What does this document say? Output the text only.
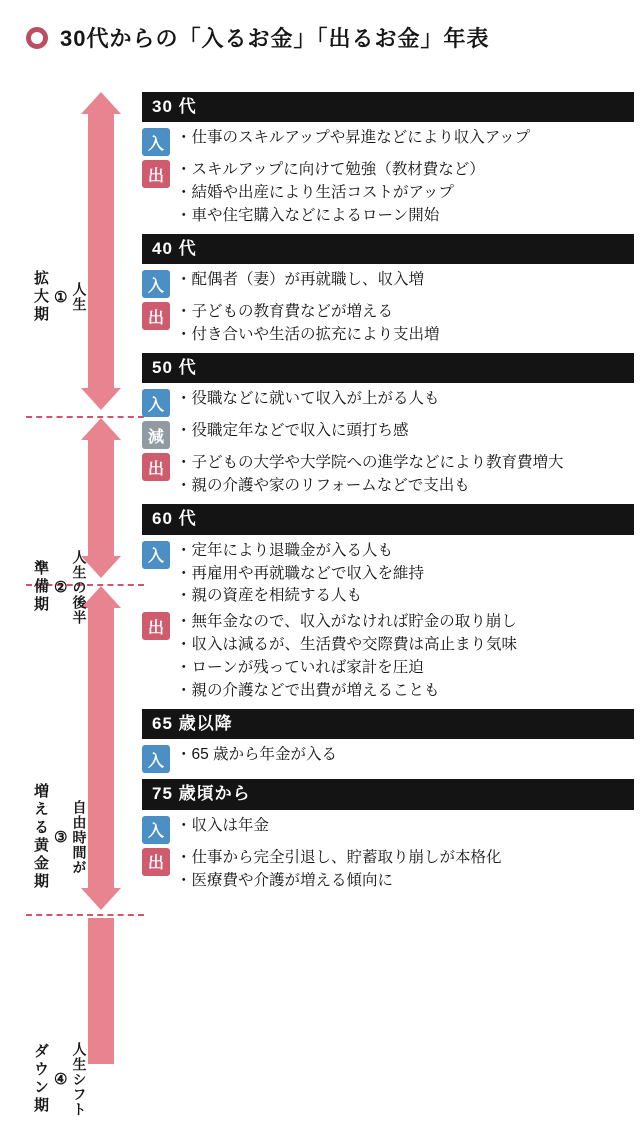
30代からの「入るお金」「出るお金」年表
拡大期 ① 人生
準備期 ② 人生の後半
増える黄金期 ③ 自由時間が
ダウン期 ④ 人生シフト
30 代
入 ・仕事のスキルアップや昇進などにより収入アップ
出 ・スキルアップに向けて勉強（教材費など）
・結婚や出産により生活コストがアップ
・車や住宅購入などによるローン開始
40 代
入 ・配偶者（妻）が再就職し、収入増
出 ・子どもの教育費などが増える
・付き合いや生活の拡充により支出増
50 代
入 ・役職などに就いて収入が上がる人も
減 ・役職定年などで収入に頭打ち感
出 ・子どもの大学や大学院への進学などにより教育費増大
・親の介護や家のリフォームなどで支出も
60 代
入 ・定年により退職金が入る人も
・再雇用や再就職などで収入を維持
・親の資産を相続する人も
出 ・無年金なので、収入がなければ貯金の取り崩し
・収入は減るが、生活費や交際費は高止まり気味
・ローンが残っていれば家計を圧迫
・親の介護などで出費が増えることも
65 歳以降
入 ・65 歳から年金が入る
75 歳頃から
入 ・収入は年金
出 ・仕事から完全引退し、貯蓄取り崩しが本格化
・医療費や介護が増える傾向に
